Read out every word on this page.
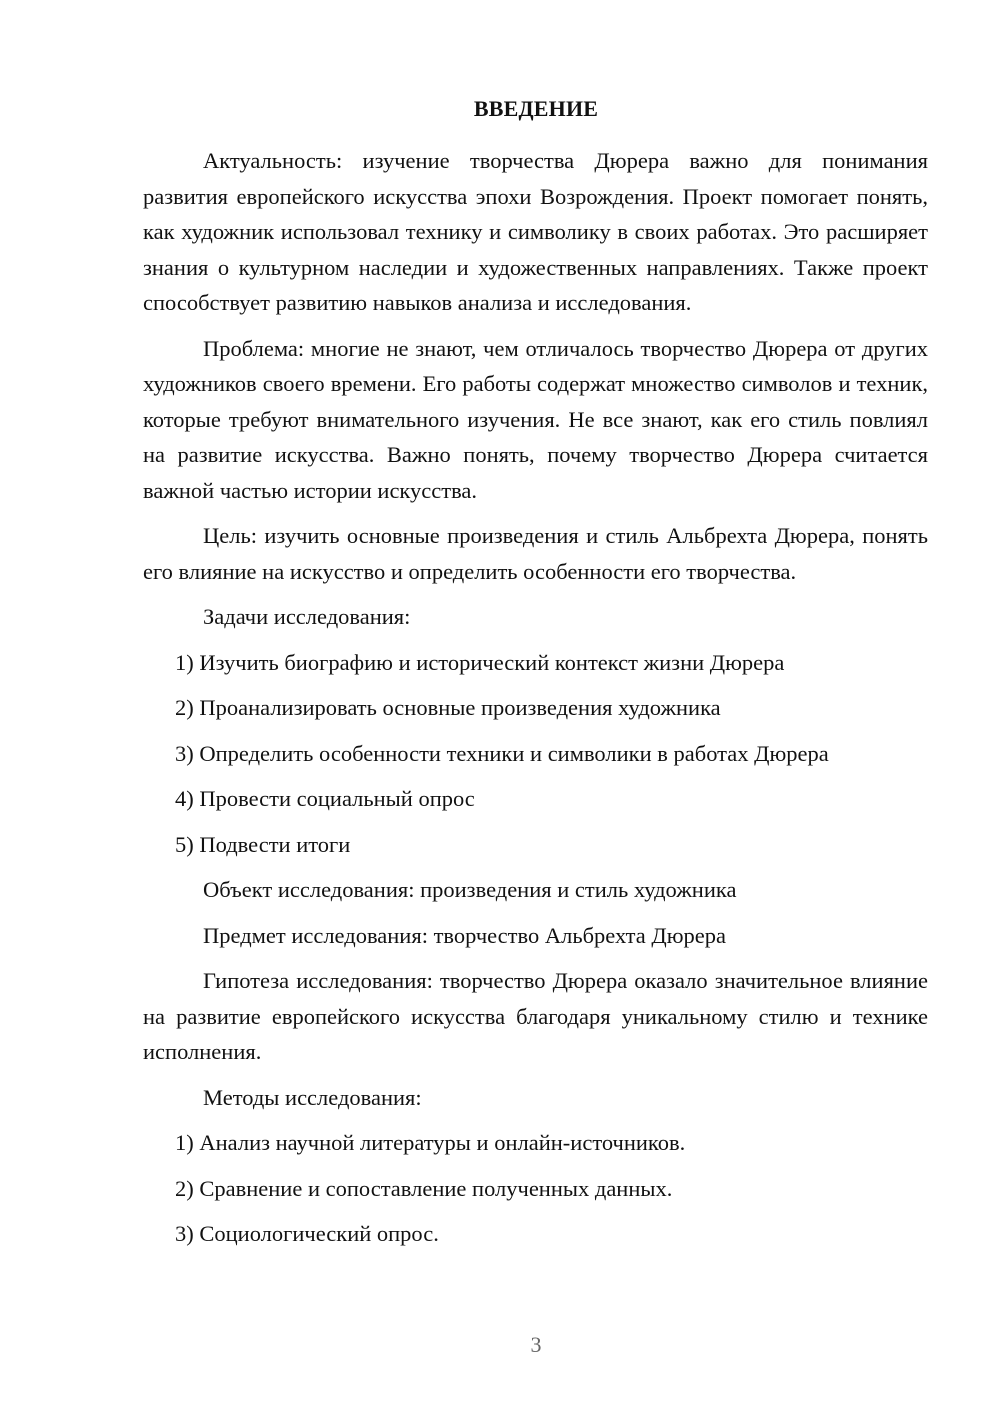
ВВЕДЕНИЕ

Актуальность: изучение творчества Дюрера важно для понимания развития европейского искусства эпохи Возрождения. Проект помогает понять, как художник использовал технику и символику в своих работах. Это расширяет знания о культурном наследии и художественных направлениях. Также проект способствует развитию навыков анализа и исследования.

Проблема: многие не знают, чем отличалось творчество Дюрера от других художников своего времени. Его работы содержат множество символов и техник, которые требуют внимательного изучения. Не все знают, как его стиль повлиял на развитие искусства. Важно понять, почему творчество Дюрера считается важной частью истории искусства.

Цель: изучить основные произведения и стиль Альбрехта Дюрера, понять его влияние на искусство и определить особенности его творчества.

Задачи исследования:

1) Изучить биографию и исторический контекст жизни Дюрера

2) Проанализировать основные произведения художника

3) Определить особенности техники и символики в работах Дюрера

4) Провести социальный опрос

5) Подвести итоги

Объект исследования: произведения и стиль художника

Предмет исследования: творчество Альбрехта Дюрера

Гипотеза исследования: творчество Дюрера оказало значительное влияние на развитие европейского искусства благодаря уникальному стилю и технике исполнения.

Методы исследования:

1) Анализ научной литературы и онлайн-источников.

2) Сравнение и сопоставление полученных данных.

3) Социологический опрос.

3
